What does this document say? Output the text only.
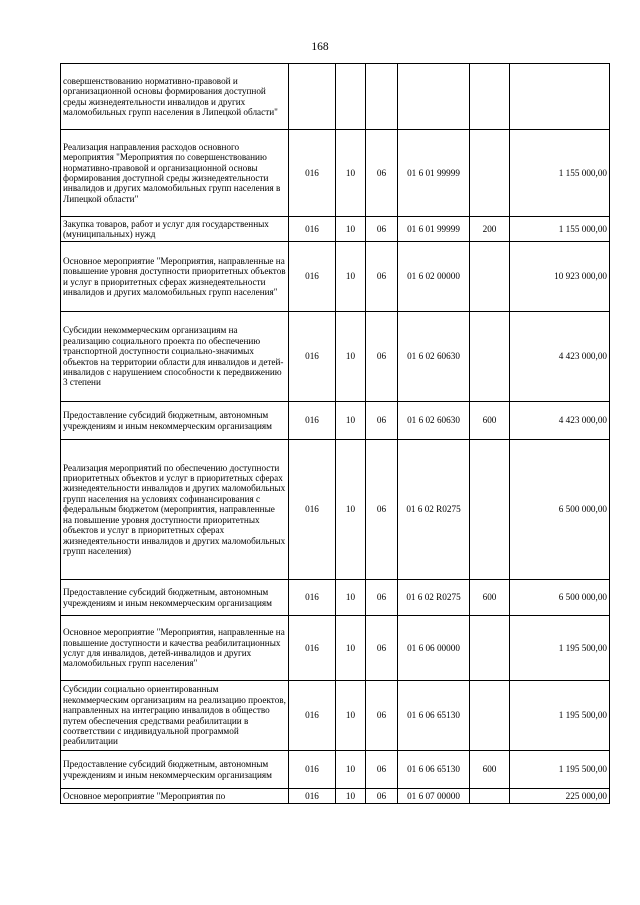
168
совершенствованию нормативно-правовой и организационной основы формирования доступной среды жизнедеятельности инвалидов и других маломобильных групп населения в Липецкой области"						
Реализация направления расходов основного мероприятия "Мероприятия по совершенствованию нормативно-правовой и организационной основы формирования доступной среды жизнедеятельности инвалидов и других маломобильных групп населения в Липецкой области"	016	10	06	01 6 01 99999		1 155 000,00
Закупка товаров, работ и услуг для государственных (муниципальных) нужд	016	10	06	01 6 01 99999	200	1 155 000,00
Основное мероприятие "Мероприятия, направленные на повышение уровня доступности приоритетных объектов и услуг в приоритетных сферах жизнедеятельности инвалидов и других маломобильных групп населения"	016	10	06	01 6 02 00000		10 923 000,00
Субсидии некоммерческим организациям на реализацию социального проекта по обеспечению транспортной доступности социально-значимых объектов на территории области для инвалидов и детей-инвалидов с нарушением способности к передвижению 3 степени	016	10	06	01 6 02 60630		4 423 000,00
Предоставление субсидий бюджетным, автономным учреждениям и иным некоммерческим организациям	016	10	06	01 6 02 60630	600	4 423 000,00
Реализация мероприятий по обеспечению доступности приоритетных объектов и услуг в приоритетных сферах жизнедеятельности инвалидов и других маломобильных групп населения на условиях софинансирования с федеральным бюджетом (мероприятия, направленные на повышение уровня доступности приоритетных объектов и услуг в приоритетных сферах жизнедеятельности инвалидов и других маломобильных групп населения)	016	10	06	01 6 02 R0275		6 500 000,00
Предоставление субсидий бюджетным, автономным учреждениям и иным некоммерческим организациям	016	10	06	01 6 02 R0275	600	6 500 000,00
Основное мероприятие "Мероприятия, направленные на повышение доступности и качества реабилитационных услуг для инвалидов, детей-инвалидов и других маломобильных групп населения"	016	10	06	01 6 06 00000		1 195 500,00
Субсидии социально ориентированным некоммерческим организациям на реализацию проектов, направленных на интеграцию инвалидов в общество путем обеспечения средствами реабилитации в соответствии с индивидуальной программой реабилитации	016	10	06	01 6 06 65130		1 195 500,00
Предоставление субсидий бюджетным, автономным учреждениям и иным некоммерческим организациям	016	10	06	01 6 06 65130	600	1 195 500,00
Основное мероприятие "Мероприятия по	016	10	06	01 6 07 00000		225 000,00
